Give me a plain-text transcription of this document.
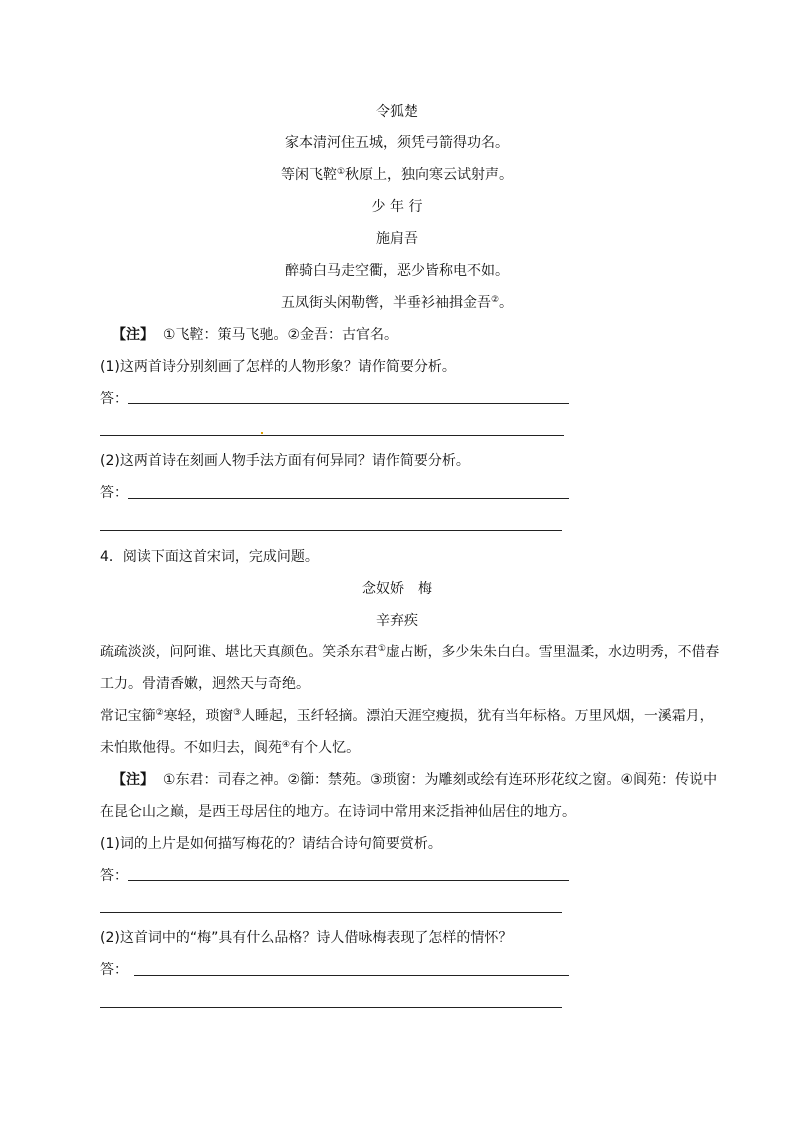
令狐楚
家本清河住五城，须凭弓箭得功名。
等闲飞鞚①秋原上，独向寒云试射声。
少 年 行
施肩吾
醉骑白马走空衢，恶少皆称电不如。
五凤街头闲勒辔，半垂衫袖揖金吾②。
【注】 ①飞鞚：策马飞驰。②金吾：古官名。
(1)这两首诗分别刻画了怎样的人物形象？请作简要分析。
答：
(2)这两首诗在刻画人物手法方面有何异同？请作简要分析。
答：
4．阅读下面这首宋词，完成问题。
念奴娇　梅
辛弃疾
疏疏淡淡，问阿谁、堪比天真颜色。笑杀东君①虚占断，多少朱朱白白。雪里温柔，水边明秀，不借春
工力。骨清香嫩，迥然天与奇绝。
常记宝篽②寒轻，琐窗③人睡起，玉纤轻摘。漂泊天涯空瘦损，犹有当年标格。万里风烟，一溪霜月，
未怕欺他得。不如归去，阆苑④有个人忆。
【注】 ①东君：司春之神。②篽：禁苑。③琐窗：为雕刻或绘有连环形花纹之窗。④阆苑：传说中
在昆仑山之巅，是西王母居住的地方。在诗词中常用来泛指神仙居住的地方。
(1)词的上片是如何描写梅花的？请结合诗句简要赏析。
答：
(2)这首词中的“梅”具有什么品格？诗人借咏梅表现了怎样的情怀？
答：
